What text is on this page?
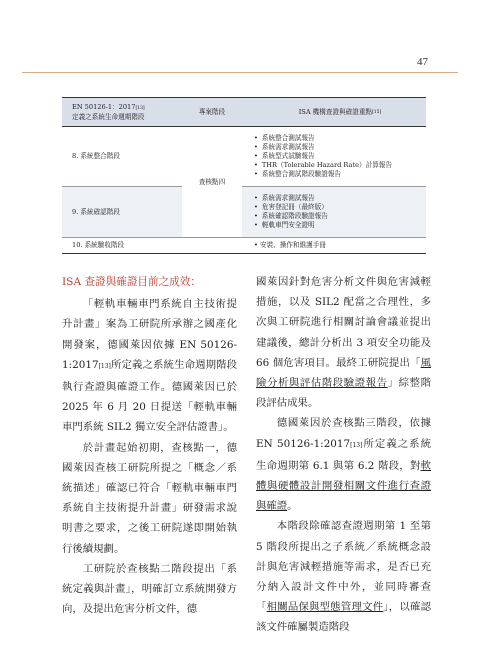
47
EN 50126-1：2017[13]
定義之系統生命週期階段
專案階段	ISA 機構查證與確證重點 [15]
8. 系統整合階段
9. 系統確認階段
查核點四
• 系統整合測試報告
• 系統需求測試報告
• 系統型式試驗報告
• THR（Tolerable Hazard Rate）計算報告
• 系統整合測試階段驗證報告
• 系統需求測試報告
• 危害登記冊（最終版）
• 系統確認階段驗證報告
• 輕軌車門安全證明
10. 系統驗收階段	• 安裝、操作和維護手冊

ISA 查證與確證目前之成效：

「輕軌車輛車門系統自主技術提升計畫」案為工研院所承辦之國產化開發案，德國萊因依據 EN 50126-1:2017[13]所定義之系統生命週期階段執行查證與確證工作。德國萊因已於 2025 年 6 月 20 日提送「輕軌車輛車門系統 SIL2 獨立安全評估證書」。

於計畫起始初期，查核點一，德國萊因查核工研院所提之「概念／系統描述」確認已符合「輕軌車輛車門系統自主技術提升計畫」研發需求說明書之要求，之後工研院遂即開始執行後續規劃。

工研院於查核點二階段提出「系統定義與計畫」，明確訂立系統開發方向，及提出危害分析文件，德

國萊因針對危害分析文件與危害減輕措施，以及 SIL2 配當之合理性，多次與工研院進行相關討論會議並提出建議後，總計分析出 3 項安全功能及 66 個危害項目。最終工研院提出「風險分析與評估階段驗證報告」綜整階段評估成果。

德國萊因於查核點三階段，依據 EN 50126-1:2017[13]所定義之系統生命週期第 6.1 與第 6.2 階段，對軟體與硬體設計開發相關文件進行查證與確證。

本階段除確認查證週期第 1 至第 5 階段所提出之子系統／系統概念設計與危害減輕措施等需求，是否已充分納入設計文件中外，並同時審查「相關品保與型態管理文件」，以確認該文件確屬製造階段
